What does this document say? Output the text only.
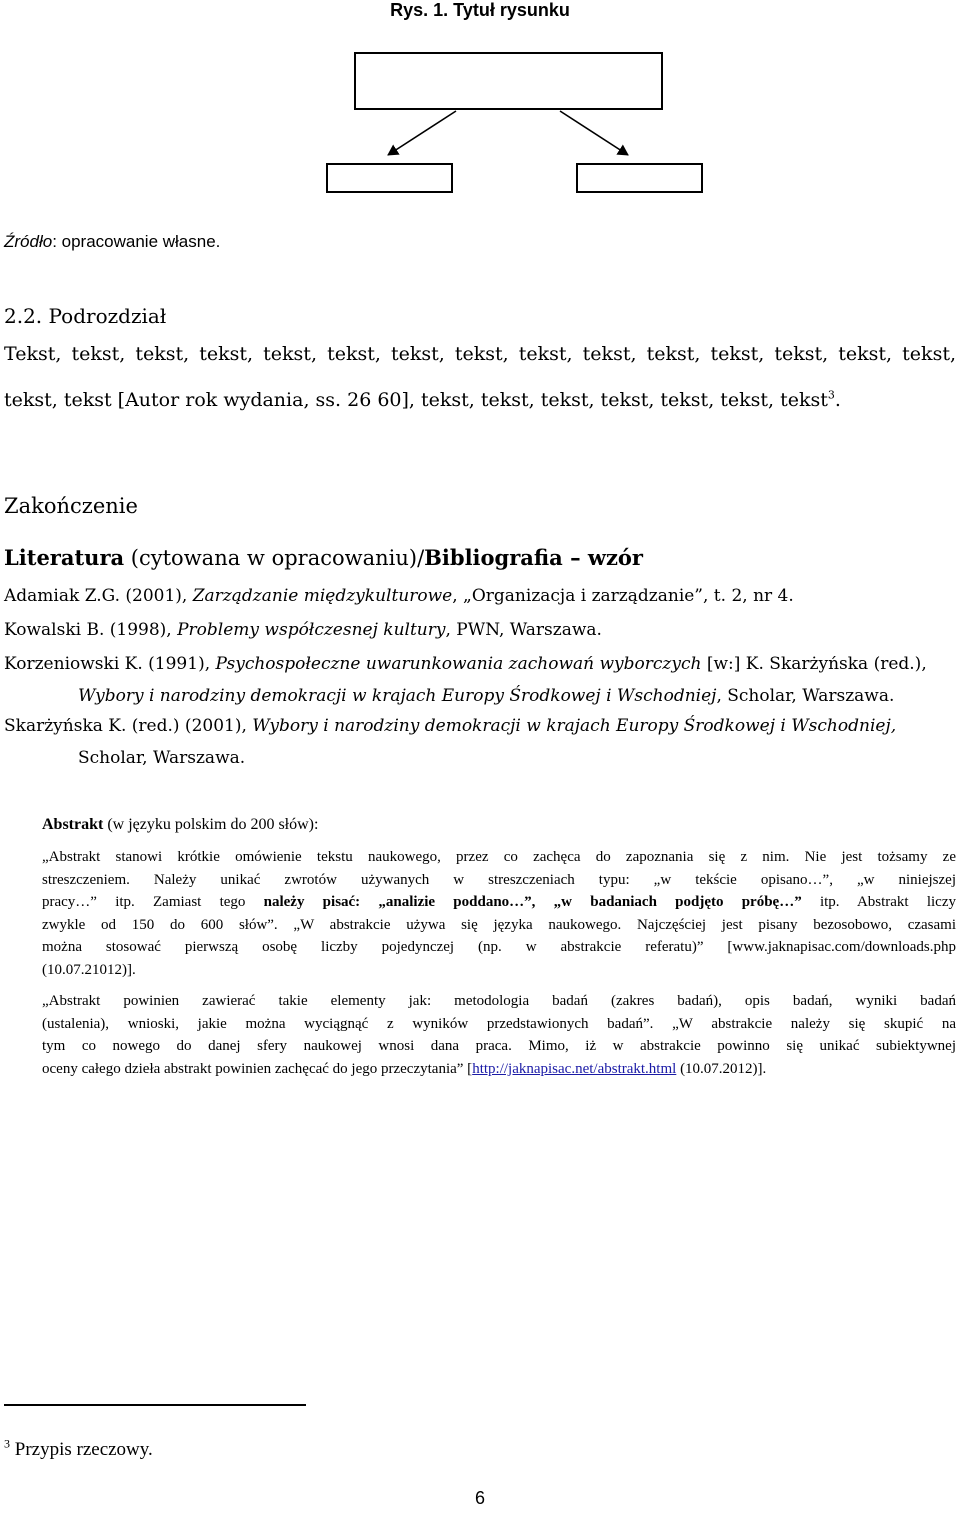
Rys. 1. Tytuł rysunku
Źródło: opracowanie własne.
2.2. Podrozdział
Tekst, tekst, tekst, tekst, tekst, tekst, tekst, tekst, tekst, tekst, tekst, tekst, tekst, tekst, tekst,
tekst, tekst [Autor rok wydania, ss. 26 60], tekst, tekst, tekst, tekst, tekst, tekst, tekst$^3$.
Zakończenie
Literatura (cytowana w opracowaniu)/Bibliografia – wzór
Adamiak Z.G. (2001), Zarządzanie międzykulturowe, „Organizacja i zarządzanie”, t. 2, nr 4.
Kowalski B. (1998), Problemy współczesnej kultury, PWN, Warszawa.
Korzeniowski K. (1991), Psychospołeczne uwarunkowania zachowań wyborczych [w:] K. Skarżyńska (red.),
Wybory i narodziny demokracji w krajach Europy Środkowej i Wschodniej, Scholar, Warszawa.
Skarżyńska K. (red.) (2001), Wybory i narodziny demokracji w krajach Europy Środkowej i Wschodniej,
Scholar, Warszawa.
Abstrakt (w języku polskim do 200 słów):
„Abstrakt stanowi krótkie omówienie tekstu naukowego, przez co zachęca do zapoznania się z nim. Nie jest tożsamy ze
streszczeniem. Należy unikać zwrotów używanych w streszczeniach typu: „w tekście opisano…”, „w niniejszej
pracy…” itp. Zamiast tego należy pisać: „analizie poddano…”, „w badaniach podjęto próbę…” itp. Abstrakt liczy
zwykle od 150 do 600 słów”. „W abstrakcie używa się języka naukowego. Najczęściej jest pisany bezosobowo, czasami
można stosować pierwszą osobę liczby pojedynczej (np. w abstrakcie referatu)” [www.jaknapisac.com/downloads.php
(10.07.21012)].
„Abstrakt powinien zawierać takie elementy jak: metodologia badań (zakres badań), opis badań, wyniki badań
(ustalenia), wnioski, jakie można wyciągnąć z wyników przedstawionych badań”. „W abstrakcie należy się skupić na
tym co nowego do danej sfery naukowej wnosi dana praca. Mimo, iż w abstrakcie powinno się unikać subiektywnej
oceny całego dzieła abstrakt powinien zachęcać do jego przeczytania” [http://jaknapisac.net/abstrakt.html (10.07.2012)].
$^3$ Przypis rzeczowy.
6
